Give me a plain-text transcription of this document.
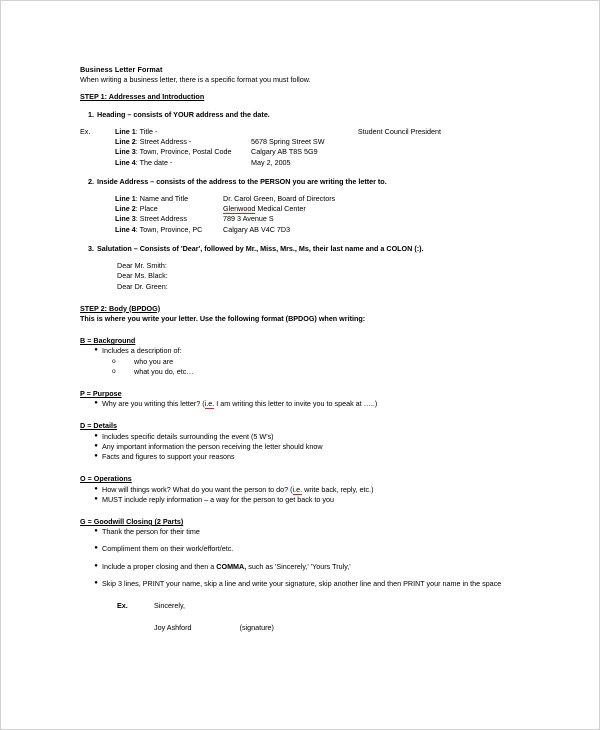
Business Letter Format
When writing a business letter, there is a specific format you must follow.
STEP 1: Addresses and Introduction
1. Heading – consists of YOUR address and the date.
Ex.	Line 1: Title -	Student Council President
Line 2: Street Address -	5678 Spring Street SW
Line 3: Town, Province, Postal Code	Calgary AB T8S 5G9
Line 4: The date -	May 2, 2005
2. Inside Address – consists of the address to the PERSON you are writing the letter to.
Line 1: Name and Title	Dr. Carol Green, Board of Directors
Line 2: Place	Glenwood Medical Center
Line 3: Street Address	789 3 Avenue S
Line 4: Town, Province, PC	Calgary AB V4C 7D3
3. Salutation – Consists of 'Dear', followed by Mr., Miss, Mrs., Ms, their last name and a COLON (:).
Dear Mr. Smith:
Dear Ms. Black:
Dear Dr. Green:
STEP 2: Body (BPDOG)
This is where you write your letter. Use the following format (BPDOG) when writing:
B = Background
● Includes a description of:
o	who you are
o	what you do, etc…
P = Purpose
● Why are you writing this letter? (i.e. I am writing this letter to invite you to speak at …..)
D = Details
● Includes specific details surrounding the event (5 W's)
● Any important information the person receiving the letter should know
● Facts and figures to support your reasons
O = Operations
● How will things work? What do you want the person to do? (i.e. write back, reply, etc.)
● MUST include reply information – a way for the person to get back to you
G = Goodwill Closing (2 Parts)
● Thank the person for their time
● Compliment them on their work/effort/etc.
● Include a proper closing and then a COMMA, such as 'Sincerely,' 'Yours Truly,'
● Skip 3 lines, PRINT your name, skip a line and write your signature, skip another line and then PRINT your name in the space
Ex.	Sincerely,
Joy Ashford	(signature)
